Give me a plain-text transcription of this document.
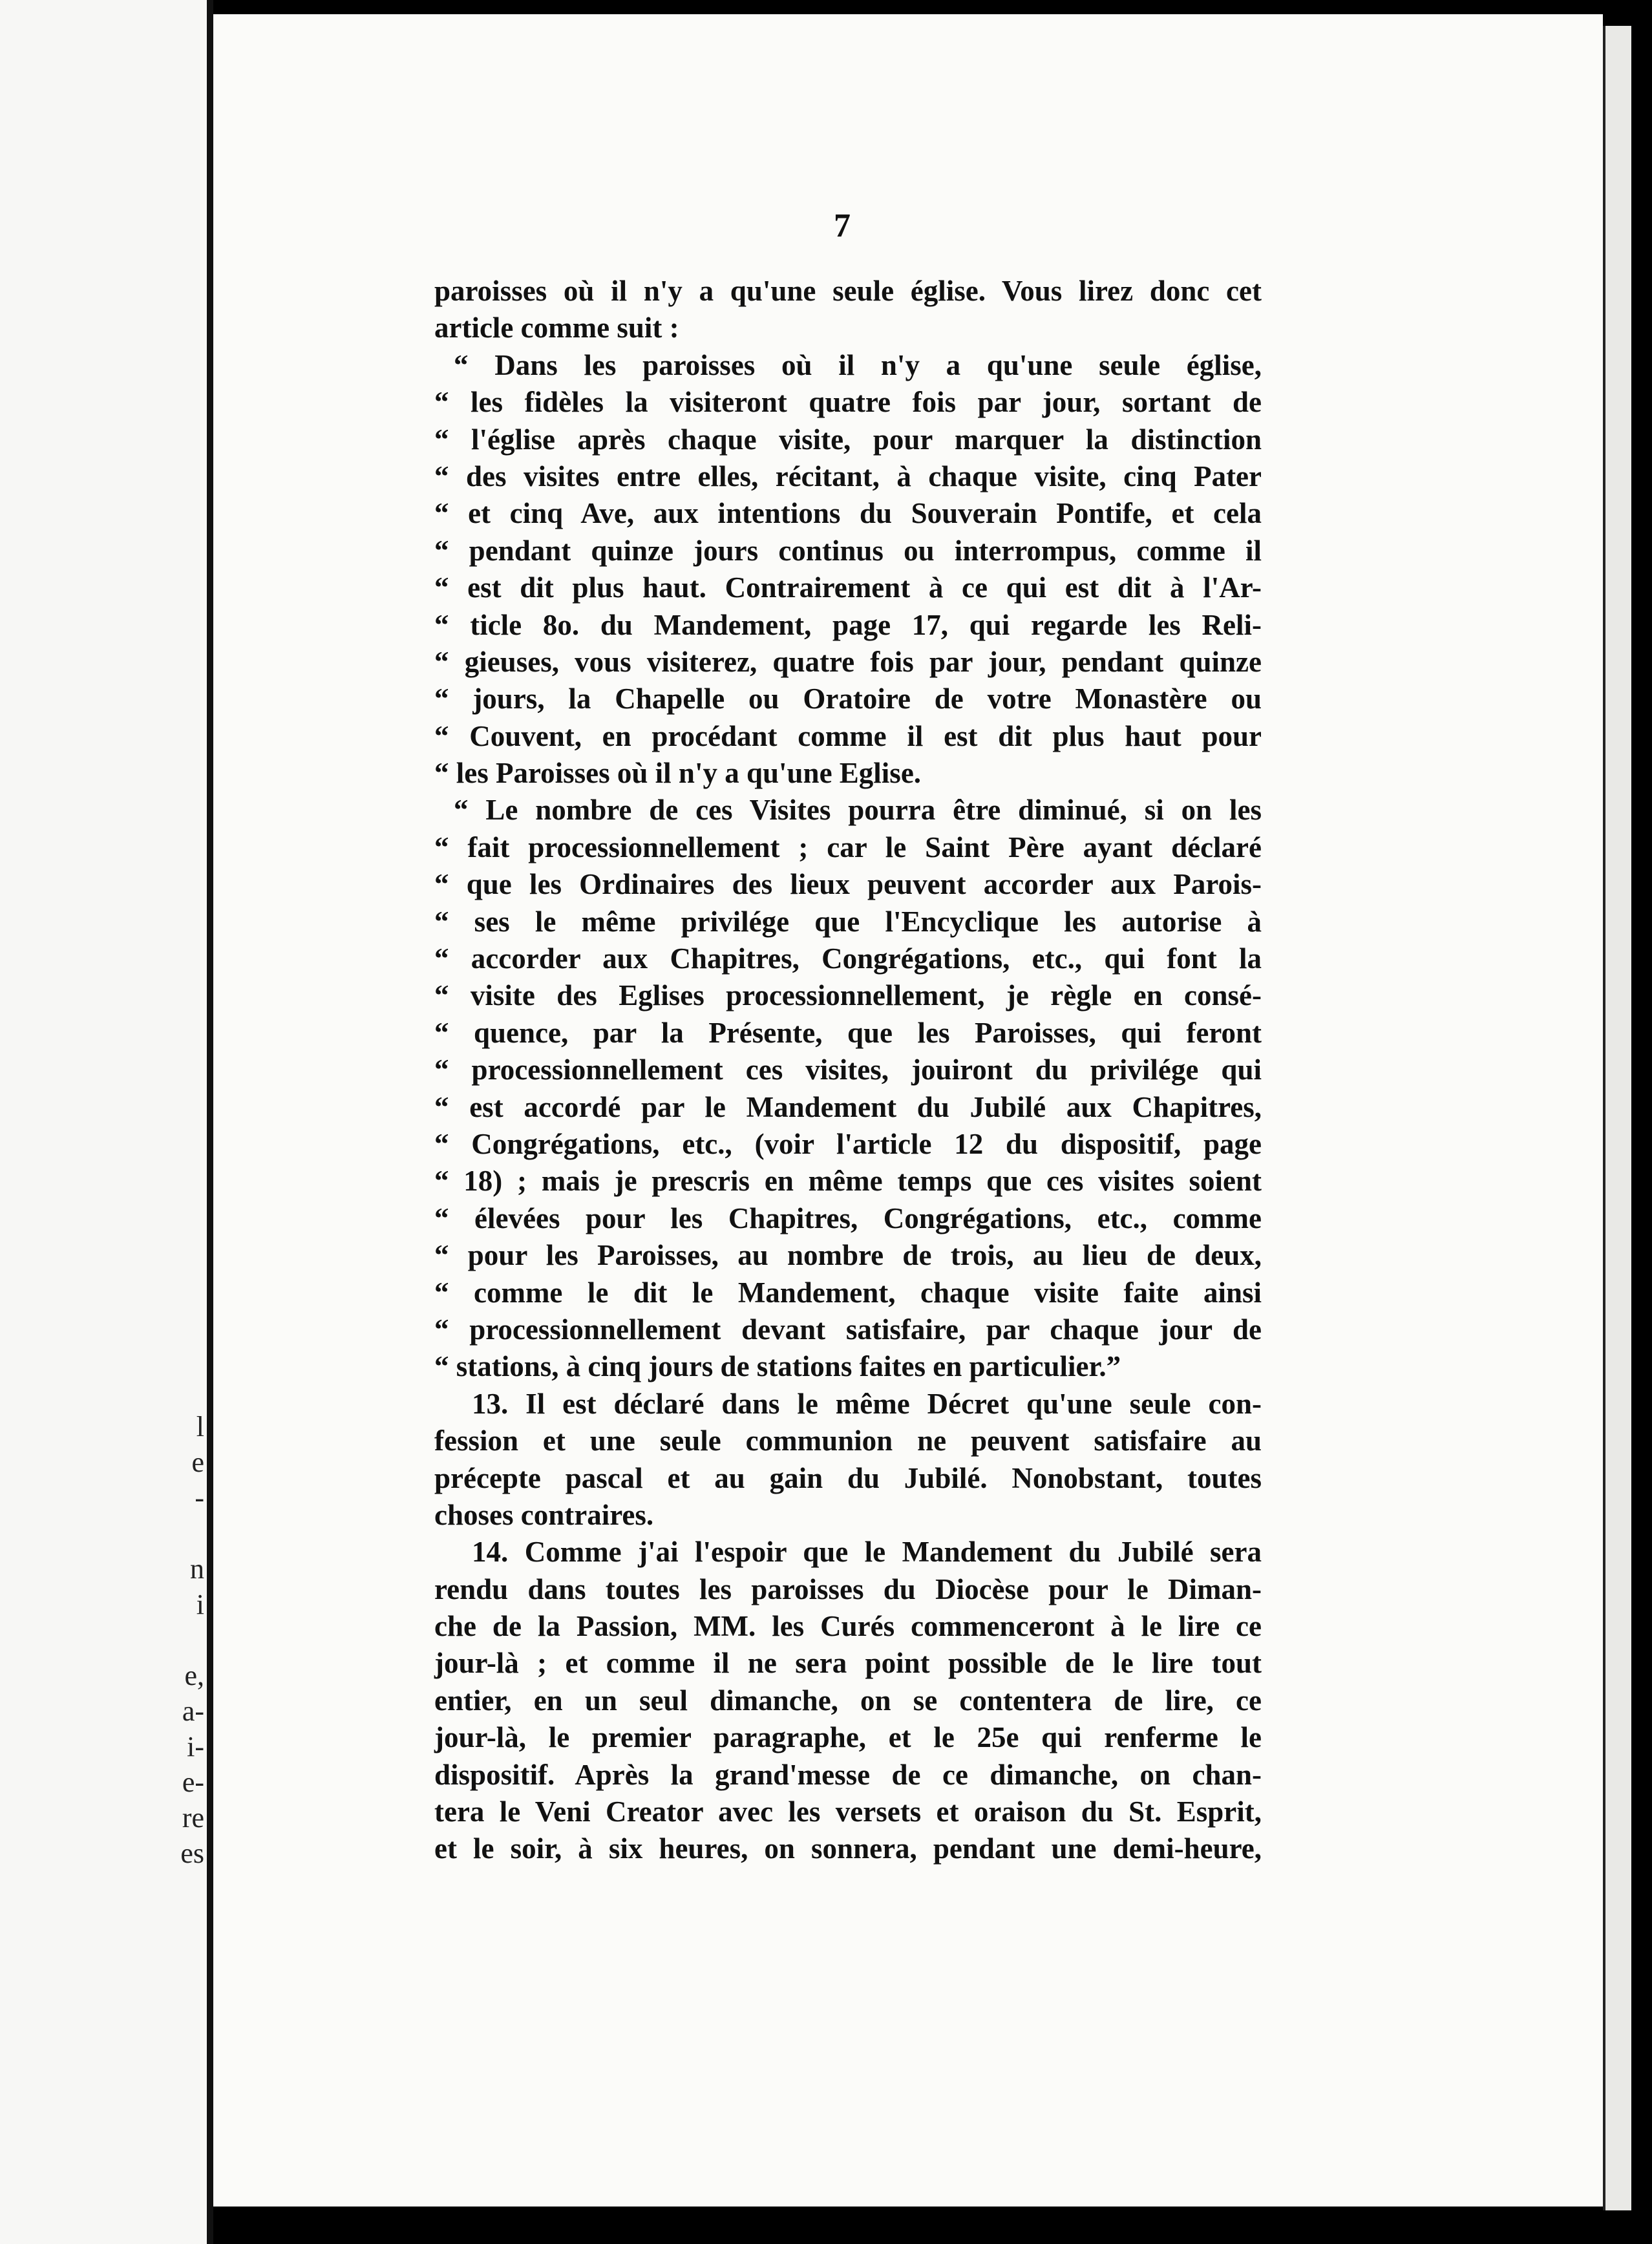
l
e
-
n
i
e,
a-
i-
e-
re
es
7
paroisses où il n'y a qu'une seule église. Vous lirez donc cet
article comme suit :
“ Dans les paroisses où il n'y a qu'une seule église,
“ les fidèles la visiteront quatre fois par jour, sortant de
“ l'église après chaque visite, pour marquer la distinction
“ des visites entre elles, récitant, à chaque visite, cinq Pater
“ et cinq Ave, aux intentions du Souverain Pontife, et cela
“ pendant quinze jours continus ou interrompus, comme il
“ est dit plus haut. Contrairement à ce qui est dit à l'Ar-
“ ticle 8o. du Mandement, page 17, qui regarde les Reli-
“ gieuses, vous visiterez, quatre fois par jour, pendant quinze
“ jours, la Chapelle ou Oratoire de votre Monastère ou
“ Couvent, en procédant comme il est dit plus haut pour
“ les Paroisses où il n'y a qu'une Eglise.
“ Le nombre de ces Visites pourra être diminué, si on les
“ fait processionnellement ; car le Saint Père ayant déclaré
“ que les Ordinaires des lieux peuvent accorder aux Parois-
“ ses le même privilége que l'Encyclique les autorise à
“ accorder aux Chapitres, Congrégations, etc., qui font la
“ visite des Eglises processionnellement, je règle en consé-
“ quence, par la Présente, que les Paroisses, qui feront
“ processionnellement ces visites, jouiront du privilége qui
“ est accordé par le Mandement du Jubilé aux Chapitres,
“ Congrégations, etc., (voir l'article 12 du dispositif, page
“ 18) ; mais je prescris en même temps que ces visites soient
“ élevées pour les Chapitres, Congrégations, etc., comme
“ pour les Paroisses, au nombre de trois, au lieu de deux,
“ comme le dit le Mandement, chaque visite faite ainsi
“ processionnellement devant satisfaire, par chaque jour de
“ stations, à cinq jours de stations faites en particulier.”
13. Il est déclaré dans le même Décret qu'une seule con-
fession et une seule communion ne peuvent satisfaire au
précepte pascal et au gain du Jubilé. Nonobstant, toutes
choses contraires.
14. Comme j'ai l'espoir que le Mandement du Jubilé sera
rendu dans toutes les paroisses du Diocèse pour le Diman-
che de la Passion, MM. les Curés commenceront à le lire ce
jour-là ; et comme il ne sera point possible de le lire tout
entier, en un seul dimanche, on se contentera de lire, ce
jour-là, le premier paragraphe, et le 25e qui renferme le
dispositif. Après la grand'messe de ce dimanche, on chan-
tera le Veni Creator avec les versets et oraison du St. Esprit,
et le soir, à six heures, on sonnera, pendant une demi-heure,
